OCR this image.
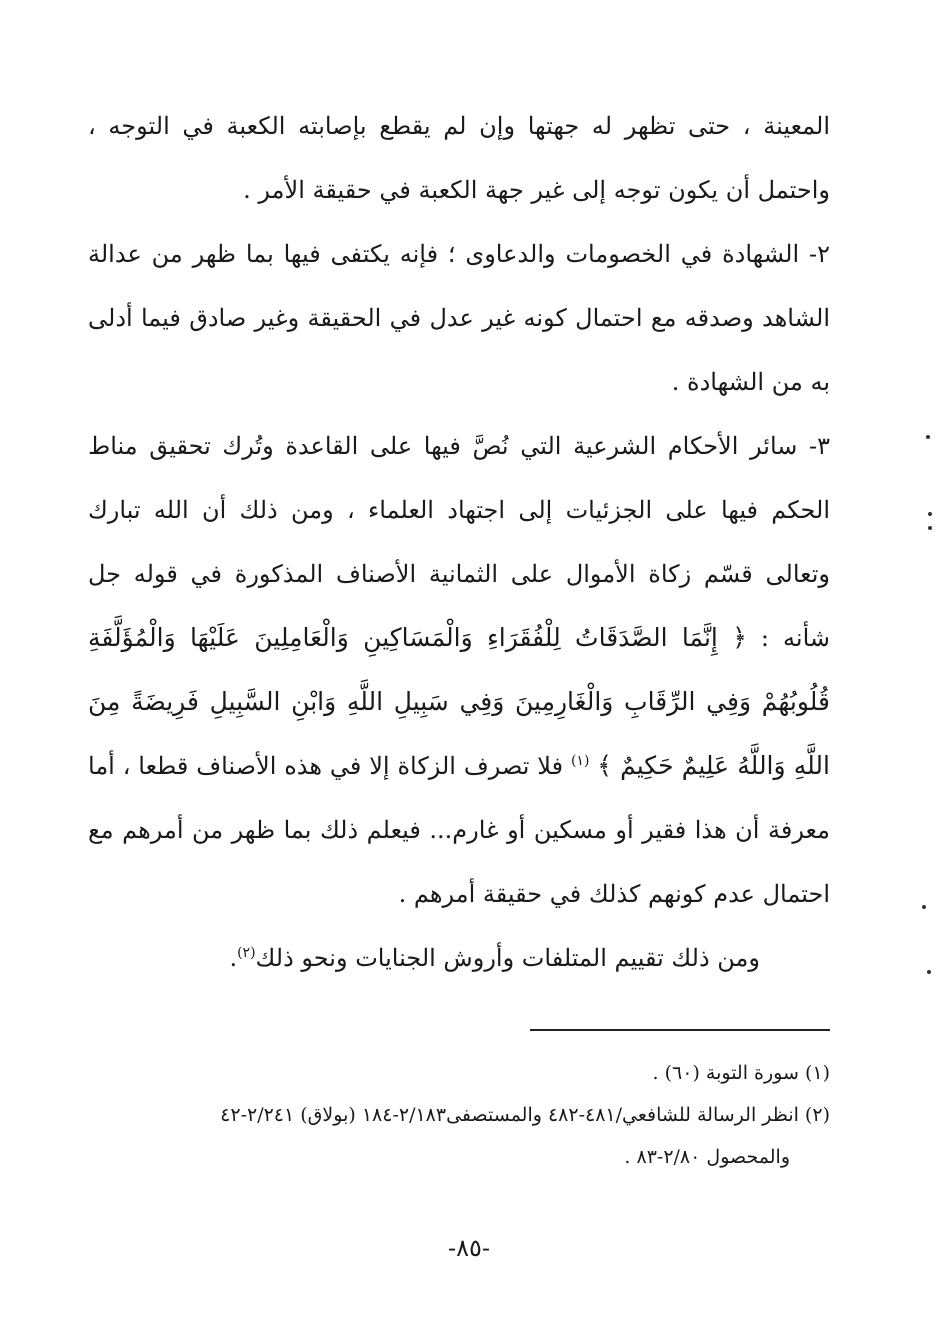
المعينة ، حتى تظهر له جهتها وإن لم يقطع بإصابته الكعبة في التوجه ، واحتمل أن يكون توجه إلى غير جهة الكعبة في حقيقة الأمر .

٢- الشهادة في الخصومات والدعاوى ؛ فإنه يكتفى فيها بما ظهر من عدالة الشاهد وصدقه مع احتمال كونه غير عدل في الحقيقة وغير صادق فيما أدلى به من الشهادة .

٣- سائر الأحكام الشرعية التي نُصَّ فيها على القاعدة وتُرك تحقيق مناط الحكم فيها على الجزئيات إلى اجتهاد العلماء ، ومن ذلك أن الله تبارك وتعالى قسّم زكاة الأموال على الثمانية الأصناف المذكورة في قوله جل شأنه : ﴿ إِنَّمَا الصَّدَقَاتُ لِلْفُقَرَاءِ وَالْمَسَاكِينِ وَالْعَامِلِينَ عَلَيْهَا وَالْمُؤَلَّفَةِ قُلُوبُهُمْ وَفِي الرِّقَابِ وَالْغَارِمِينَ وَفِي سَبِيلِ اللَّهِ وَابْنِ السَّبِيلِ فَرِيضَةً مِنَ اللَّهِ وَاللَّهُ عَلِيمٌ حَكِيمٌ ﴾ $^{(١)}$ فلا تصرف الزكاة إلا في هذه الأصناف قطعا ، أما معرفة أن هذا فقير أو مسكين أو غارم... فيعلم ذلك بما ظهر من أمرهم مع احتمال عدم كونهم كذلك في حقيقة أمرهم .

ومن ذلك تقييم المتلفات وأروش الجنايات ونحو ذلك$^{(٢)}$.

(١) سورة التوبة (٦٠) .

(٢) انظر الرسالة للشافعي/٤٨١-٤٨٢ والمستصفى٢/١٨٣-١٨٤ (بولاق) ٢/٢٤١-٤٢

والمحصول ٢/٨٠-٨٣ .

-٨٥-
